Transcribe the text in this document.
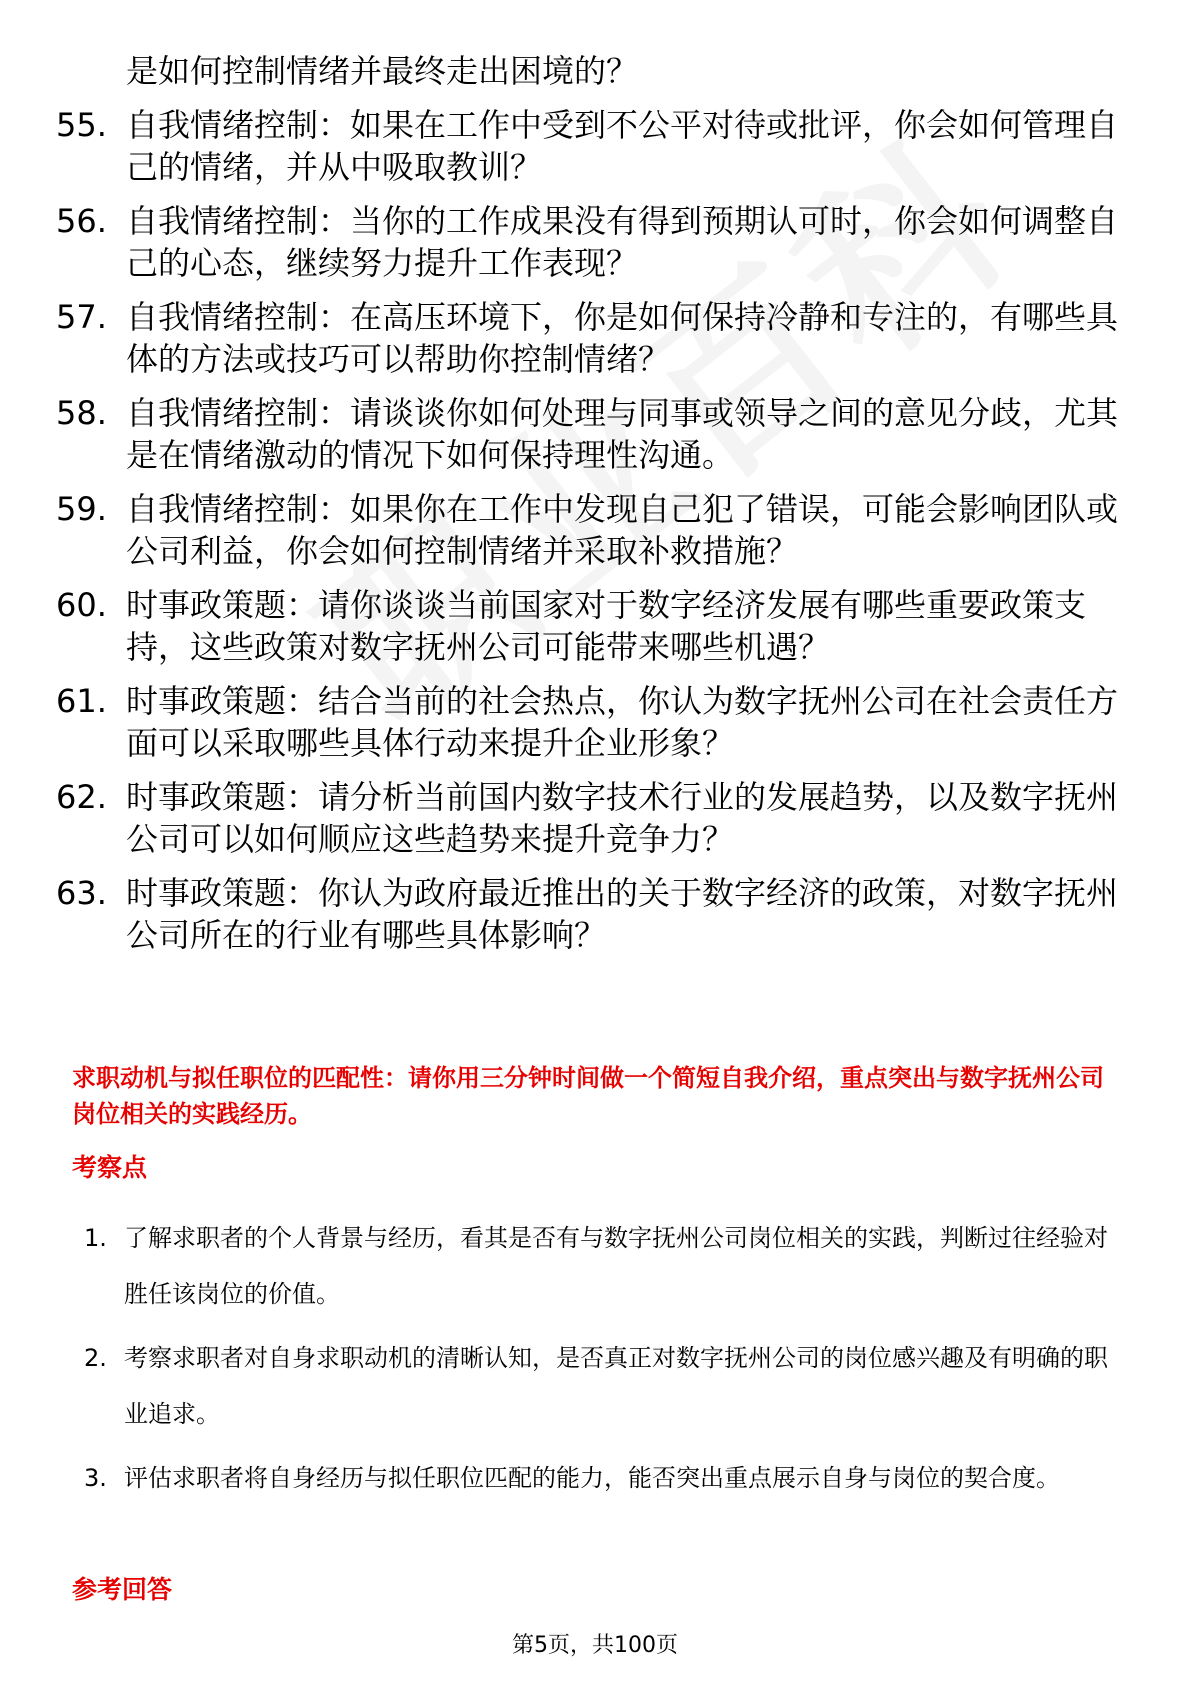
是如何控制情绪并最终走出困境的？
55. 自我情绪控制：如果在工作中受到不公平对待或批评，你会如何管理自己的情绪，并从中吸取教训？
56. 自我情绪控制：当你的工作成果没有得到预期认可时，你会如何调整自己的心态，继续努力提升工作表现？
57. 自我情绪控制：在高压环境下，你是如何保持冷静和专注的，有哪些具体的方法或技巧可以帮助你控制情绪？
58. 自我情绪控制：请谈谈你如何处理与同事或领导之间的意见分歧，尤其是在情绪激动的情况下如何保持理性沟通。
59. 自我情绪控制：如果你在工作中发现自己犯了错误，可能会影响团队或公司利益，你会如何控制情绪并采取补救措施？
60. 时事政策题：请你谈谈当前国家对于数字经济发展有哪些重要政策支持，这些政策对数字抚州公司可能带来哪些机遇？
61. 时事政策题：结合当前的社会热点，你认为数字抚州公司在社会责任方面可以采取哪些具体行动来提升企业形象？
62. 时事政策题：请分析当前国内数字技术行业的发展趋势，以及数字抚州公司可以如何顺应这些趋势来提升竞争力？
63. 时事政策题：你认为政府最近推出的关于数字经济的政策，对数字抚州公司所在的行业有哪些具体影响？
求职动机与拟任职位的匹配性：请你用三分钟时间做一个简短自我介绍，重点突出与数字抚州公司岗位相关的实践经历。
考察点
1. 了解求职者的个人背景与经历，看其是否有与数字抚州公司岗位相关的实践，判断过往经验对胜任该岗位的价值。
2. 考察求职者对自身求职动机的清晰认知，是否真正对数字抚州公司的岗位感兴趣及有明确的职业追求。
3. 评估求职者将自身经历与拟任职位匹配的能力，能否突出重点展示自身与岗位的契合度。
参考回答
第5页，共100页
